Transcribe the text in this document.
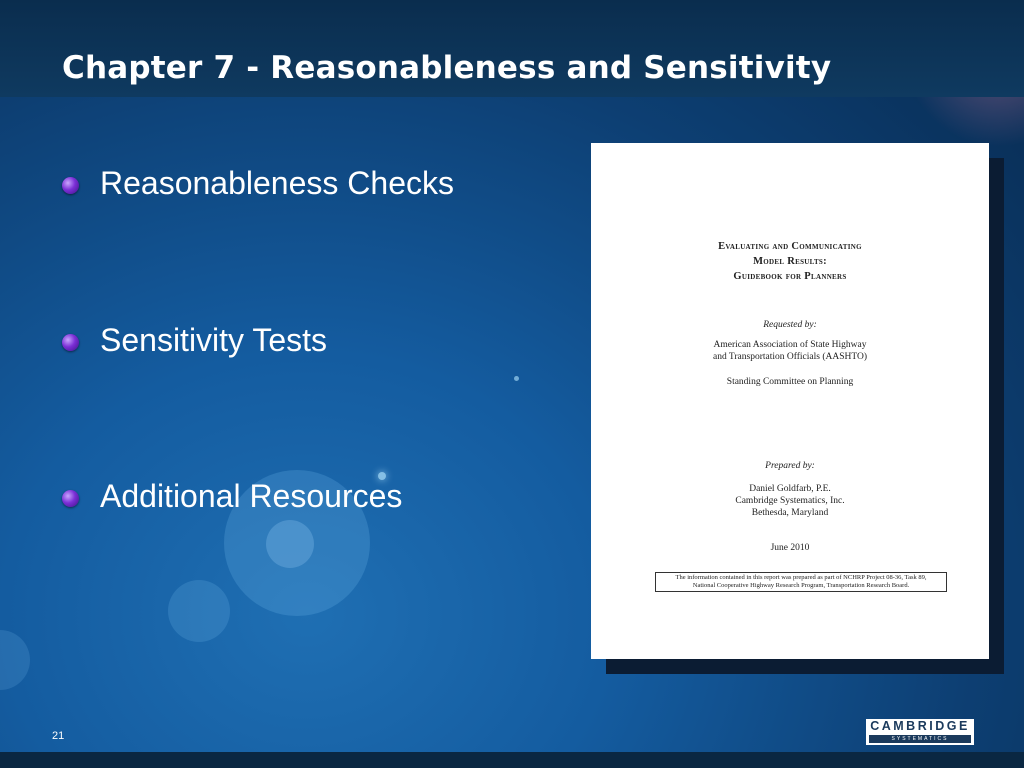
Chapter 7 - Reasonableness and Sensitivity
Reasonableness Checks
Sensitivity Tests
Additional Resources
Evaluating and Communicating
Model Results:
Guidebook for Planners
Requested by:
American Association of State Highway
and Transportation Officials (AASHTO)
Standing Committee on Planning
Prepared by:
Daniel Goldfarb, P.E.
Cambridge Systematics, Inc.
Bethesda, Maryland
June 2010
The information contained in this report was prepared as part of NCHRP Project 08-36, Task 89,
National Cooperative Highway Research Program, Transportation Research Board.
21
CAMBRIDGE
SYSTEMATICS
